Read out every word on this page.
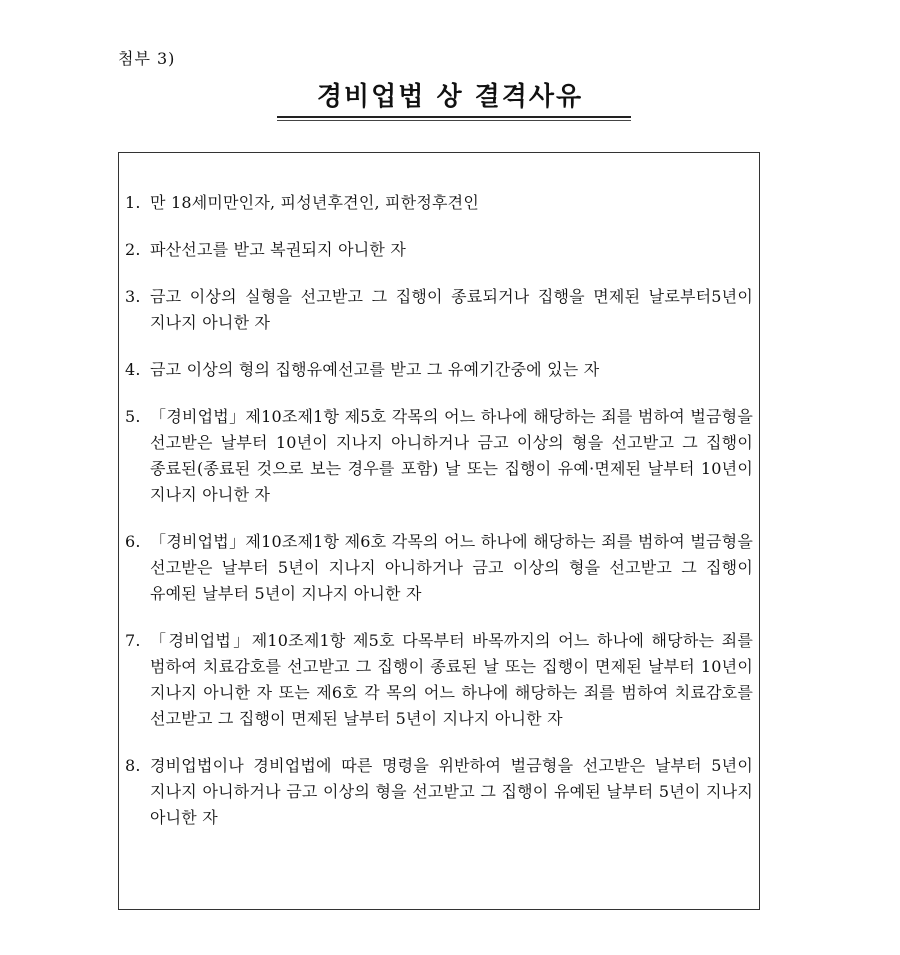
첨부 3)
경비업법 상 결격사유
1. 만 18세미만인자, 피성년후견인, 피한정후견인
2. 파산선고를 받고 복권되지 아니한 자
3. 금고 이상의 실형을 선고받고 그 집행이 종료되거나 집행을 면제된 날로부터5년이 지나지 아니한 자
4. 금고 이상의 형의 집행유예선고를 받고 그 유예기간중에 있는 자
5. 「경비업법」제10조제1항 제5호 각목의 어느 하나에 해당하는 죄를 범하여 벌금형을 선고받은 날부터 10년이 지나지 아니하거나 금고 이상의 형을 선고받고 그 집행이 종료된(종료된 것으로 보는 경우를 포함) 날 또는 집행이 유예·면제된 날부터 10년이 지나지 아니한 자
6. 「경비업법」제10조제1항 제6호 각목의 어느 하나에 해당하는 죄를 범하여 벌금형을 선고받은 날부터 5년이 지나지 아니하거나 금고 이상의 형을 선고받고 그 집행이 유예된 날부터 5년이 지나지 아니한 자
7. 「경비업법」제10조제1항 제5호 다목부터 바목까지의 어느 하나에 해당하는 죄를 범하여 치료감호를 선고받고 그 집행이 종료된 날 또는 집행이 면제된 날부터 10년이 지나지 아니한 자 또는 제6호 각 목의 어느 하나에 해당하는 죄를 범하여 치료감호를 선고받고 그 집행이 면제된 날부터 5년이 지나지 아니한 자
8. 경비업법이나 경비업법에 따른 명령을 위반하여 벌금형을 선고받은 날부터 5년이 지나지 아니하거나 금고 이상의 형을 선고받고 그 집행이 유예된 날부터 5년이 지나지 아니한 자
